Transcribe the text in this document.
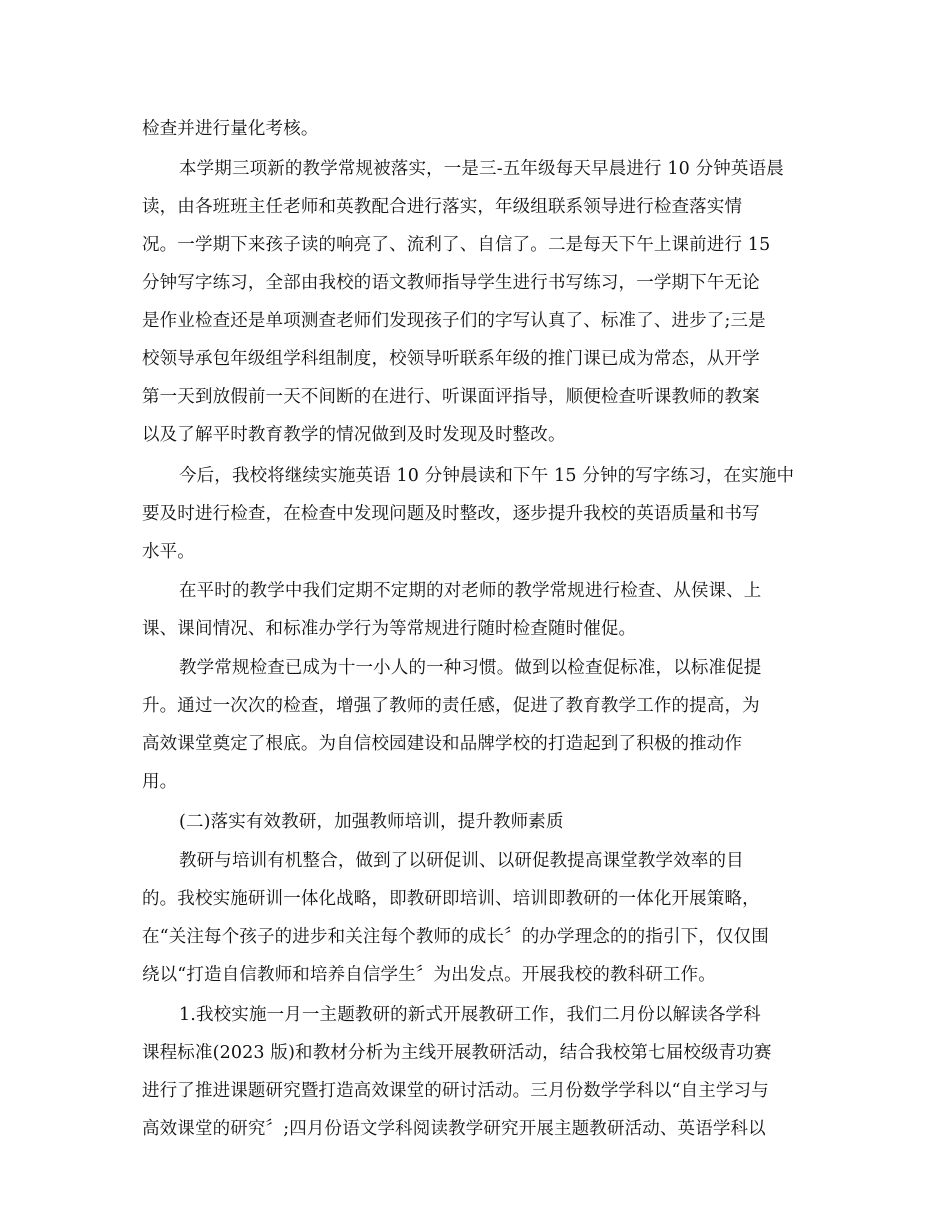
检查并进行量化考核。
本学期三项新的教学常规被落实，一是三-五年级每天早晨进行 10 分钟英语晨
读，由各班班主任老师和英教配合进行落实，年级组联系领导进行检查落实情
况。一学期下来孩子读的响亮了、流利了、自信了。二是每天下午上课前进行 15
分钟写字练习，全部由我校的语文教师指导学生进行书写练习，一学期下午无论
是作业检查还是单项测查老师们发现孩子们的字写认真了、标准了、进步了;三是
校领导承包年级组学科组制度，校领导听联系年级的推门课已成为常态，从开学
第一天到放假前一天不间断的在进行、听课面评指导，顺便检查听课教师的教案
以及了解平时教育教学的情况做到及时发现及时整改。
今后，我校将继续实施英语 10 分钟晨读和下午 15 分钟的写字练习，在实施中
要及时进行检查，在检查中发现问题及时整改，逐步提升我校的英语质量和书写
水平。
在平时的教学中我们定期不定期的对老师的教学常规进行检查、从侯课、上
课、课间情况、和标准办学行为等常规进行随时检查随时催促。
教学常规检查已成为十一小人的一种习惯。做到以检查促标准，以标准促提
升。通过一次次的检查，增强了教师的责任感，促进了教育教学工作的提高，为
高效课堂奠定了根底。为自信校园建设和品牌学校的打造起到了积极的推动作
用。
(二)落实有效教研，加强教师培训，提升教师素质
教研与培训有机整合，做到了以研促训、以研促教提高课堂教学效率的目
的。我校实施研训一体化战略，即教研即培训、培训即教研的一体化开展策略，
在“关注每个孩子的进步和关注每个教师的成长〞的办学理念的的指引下，仅仅围
绕以“打造自信教师和培养自信学生〞为出发点。开展我校的教科研工作。
1.我校实施一月一主题教研的新式开展教研工作，我们二月份以解读各学科
课程标准(2023 版)和教材分析为主线开展教研活动，结合我校第七届校级青功赛
进行了推进课题研究暨打造高效课堂的研讨活动。三月份数学学科以“自主学习与
高效课堂的研究〞;四月份语文学科阅读教学研究开展主题教研活动、英语学科以
